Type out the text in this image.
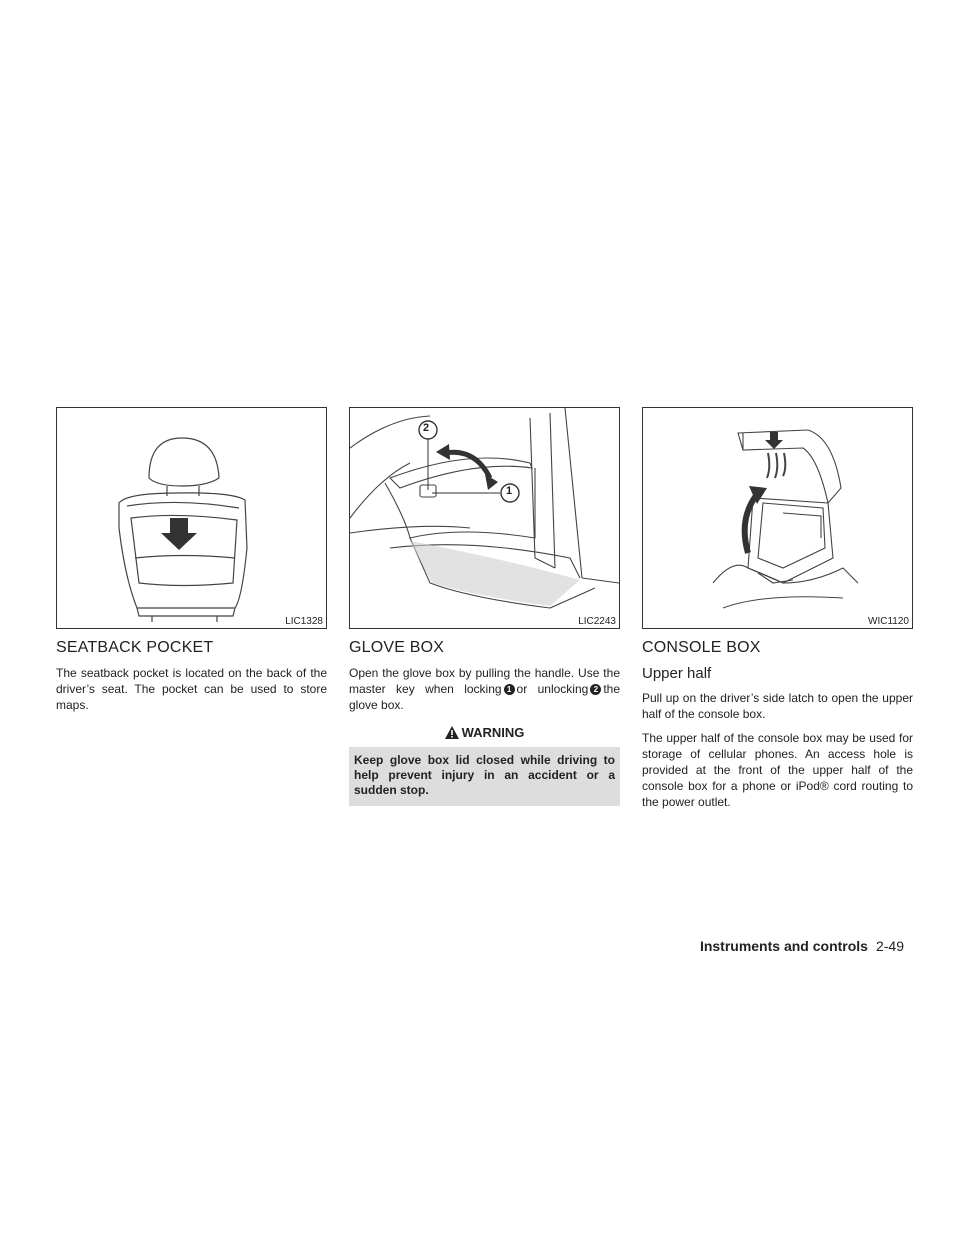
LIC1328
SEATBACK POCKET

The seatback pocket is located on the back of the driver’s seat. The pocket can be used to store maps.

2
1
LIC2243
GLOVE BOX

Open the glove box by pulling the handle. Use the master key when locking 1 or unlocking 2 the glove box.

WARNING
Keep glove box lid closed while driving to help prevent injury in an accident or a sudden stop.
WIC1120
CONSOLE BOX
Upper half

Pull up on the driver’s side latch to open the upper half of the console box.

The upper half of the console box may be used for storage of cellular phones. An access hole is provided at the front of the upper half of the console box for a phone or iPod® cord routing to the power outlet.

Instruments and controls 2-49
